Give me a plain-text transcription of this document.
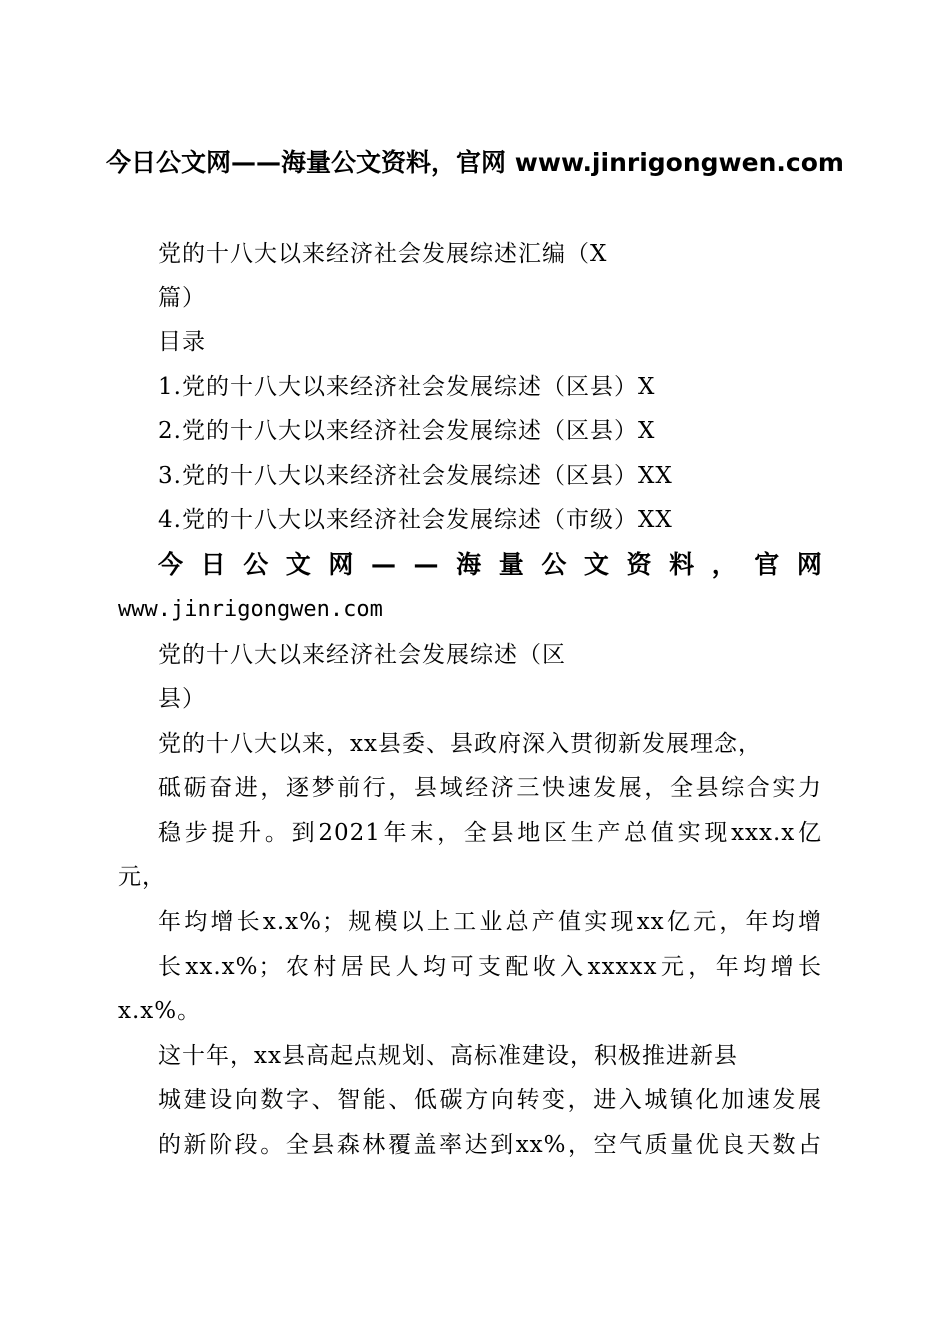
今日公文网——海量公文资料，官网 www.jinrigongwen.com
党的十八大以来经济社会发展综述汇编（X
篇）
目录
1.党的十八大以来经济社会发展综述（区县）X
2.党的十八大以来经济社会发展综述（区县）X
3.党的十八大以来经济社会发展综述（区县）XX
4.党的十八大以来经济社会发展综述（市级）XX
今 日 公 文 网 — — 海 量 公 文 资 料 ， 官 网
www.jinrigongwen.com
党的十八大以来经济社会发展综述（区
县）
党的十八大以来，xx县委、县政府深入贯彻新发展理念，
砥砺奋进，逐梦前行，县域经济三快速发展，全县综合实力
稳步提升。到2021年末，全县地区生产总值实现xxx.x亿
元，
年均增长x.x%；规模以上工业总产值实现xx亿元，年均增
长xx.x%；农村居民人均可支配收入xxxxx元，年均增长
x.x%。
这十年，xx县高起点规划、高标准建设，积极推进新县
城建设向数字、智能、低碳方向转变，进入城镇化加速发展
的新阶段。全县森林覆盖率达到xx%，空气质量优良天数占
